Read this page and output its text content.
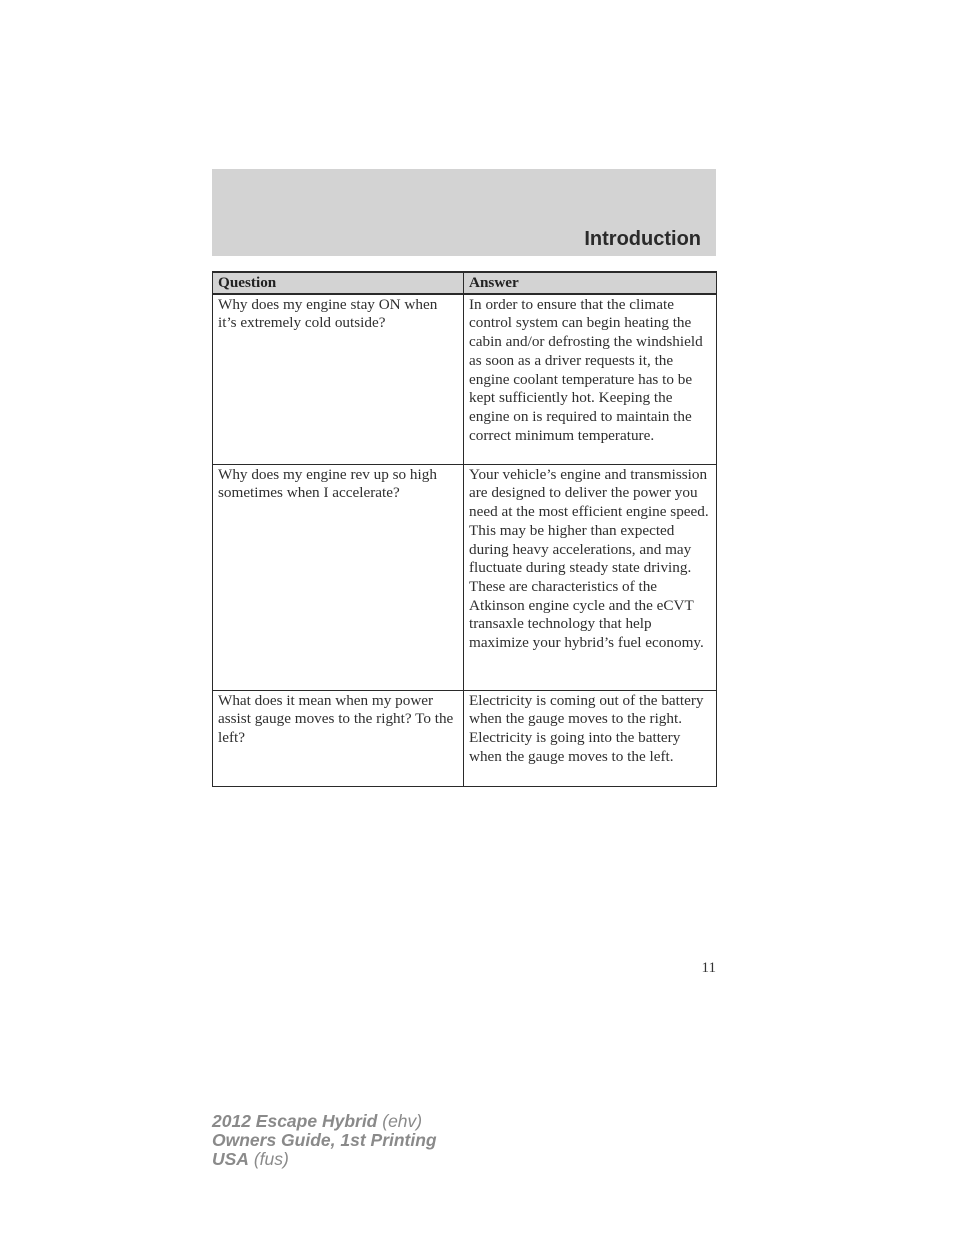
Introduction
Question	Answer
Why does my engine stay ON when it’s extremely cold outside?	In order to ensure that the climate control system can begin heating the cabin and/or defrosting the windshield as soon as a driver requests it, the engine coolant temperature has to be kept sufficiently hot. Keeping the engine on is required to maintain the correct minimum temperature.
Why does my engine rev up so high sometimes when I accelerate?	Your vehicle’s engine and transmission are designed to deliver the power you need at the most efficient engine speed. This may be higher than expected during heavy accelerations, and may fluctuate during steady state driving. These are characteristics of the Atkinson engine cycle and the eCVT transaxle technology that help maximize your hybrid’s fuel economy.
What does it mean when my power assist gauge moves to the right? To the left?	Electricity is coming out of the battery when the gauge moves to the right. Electricity is going into the battery when the gauge moves to the left.
11
2012 Escape Hybrid (ehv)
Owners Guide, 1st Printing
USA (fus)
